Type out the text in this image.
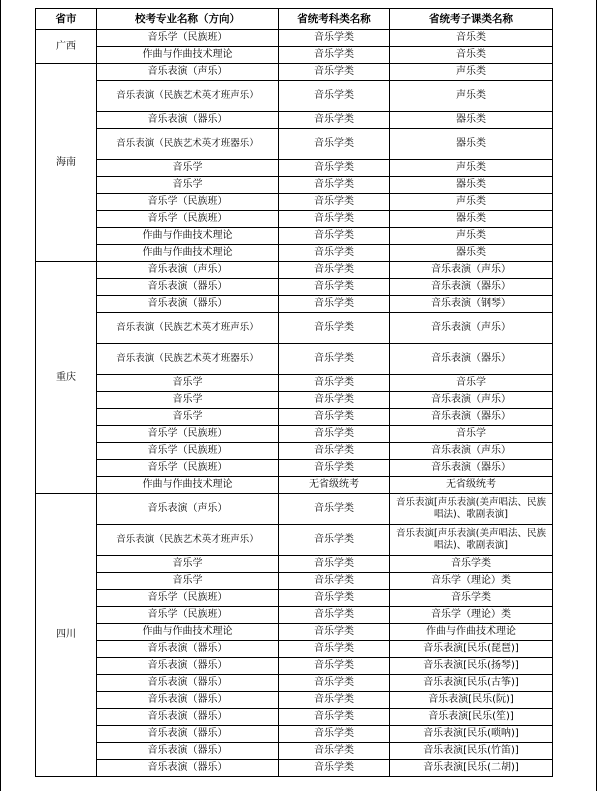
省市	校考专业名称（方向）	省统考科类名称	省统考子课类名称
广西	音乐学（民族班）	音乐学类	音乐类
	作曲与作曲技术理论	音乐学类	音乐类
海南	音乐表演（声乐）	音乐学类	声乐类
	音乐表演（民族艺术英才班声乐）	音乐学类	声乐类
	音乐表演（器乐）	音乐学类	器乐类
	音乐表演（民族艺术英才班器乐）	音乐学类	器乐类
	音乐学	音乐学类	声乐类
	音乐学	音乐学类	器乐类
	音乐学（民族班）	音乐学类	声乐类
	音乐学（民族班）	音乐学类	器乐类
	作曲与作曲技术理论	音乐学类	声乐类
	作曲与作曲技术理论	音乐学类	器乐类
重庆	音乐表演（声乐）	音乐学类	音乐表演（声乐）
	音乐表演（器乐）	音乐学类	音乐表演（器乐）
	音乐表演（器乐）	音乐学类	音乐表演（钢琴）
	音乐表演（民族艺术英才班声乐）	音乐学类	音乐表演（声乐）
	音乐表演（民族艺术英才班器乐）	音乐学类	音乐表演（器乐）
	音乐学	音乐学类	音乐学
	音乐学	音乐学类	音乐表演（声乐）
	音乐学	音乐学类	音乐表演（器乐）
	音乐学（民族班）	音乐学类	音乐学
	音乐学（民族班）	音乐学类	音乐表演（声乐）
	音乐学（民族班）	音乐学类	音乐表演（器乐）
	作曲与作曲技术理论	无省级统考	无省级统考
四川	音乐表演（声乐）	音乐学类	音乐表演[声乐表演(美声唱法、民族唱法)、歌剧表演]
	音乐表演（民族艺术英才班声乐）	音乐学类	音乐表演[声乐表演(美声唱法、民族唱法)、歌剧表演]
	音乐学	音乐学类	音乐学类
	音乐学	音乐学类	音乐学（理论）类
	音乐学（民族班）	音乐学类	音乐学类
	音乐学（民族班）	音乐学类	音乐学（理论）类
	作曲与作曲技术理论	音乐学类	作曲与作曲技术理论
	音乐表演（器乐）	音乐学类	音乐表演[民乐(琵琶)]
	音乐表演（器乐）	音乐学类	音乐表演[民乐(扬琴)]
	音乐表演（器乐）	音乐学类	音乐表演[民乐(古筝)]
	音乐表演（器乐）	音乐学类	音乐表演[民乐(阮)]
	音乐表演（器乐）	音乐学类	音乐表演[民乐(笙)]
	音乐表演（器乐）	音乐学类	音乐表演[民乐(唢呐)]
	音乐表演（器乐）	音乐学类	音乐表演[民乐(竹笛)]
	音乐表演（器乐）	音乐学类	音乐表演[民乐(二胡)]
